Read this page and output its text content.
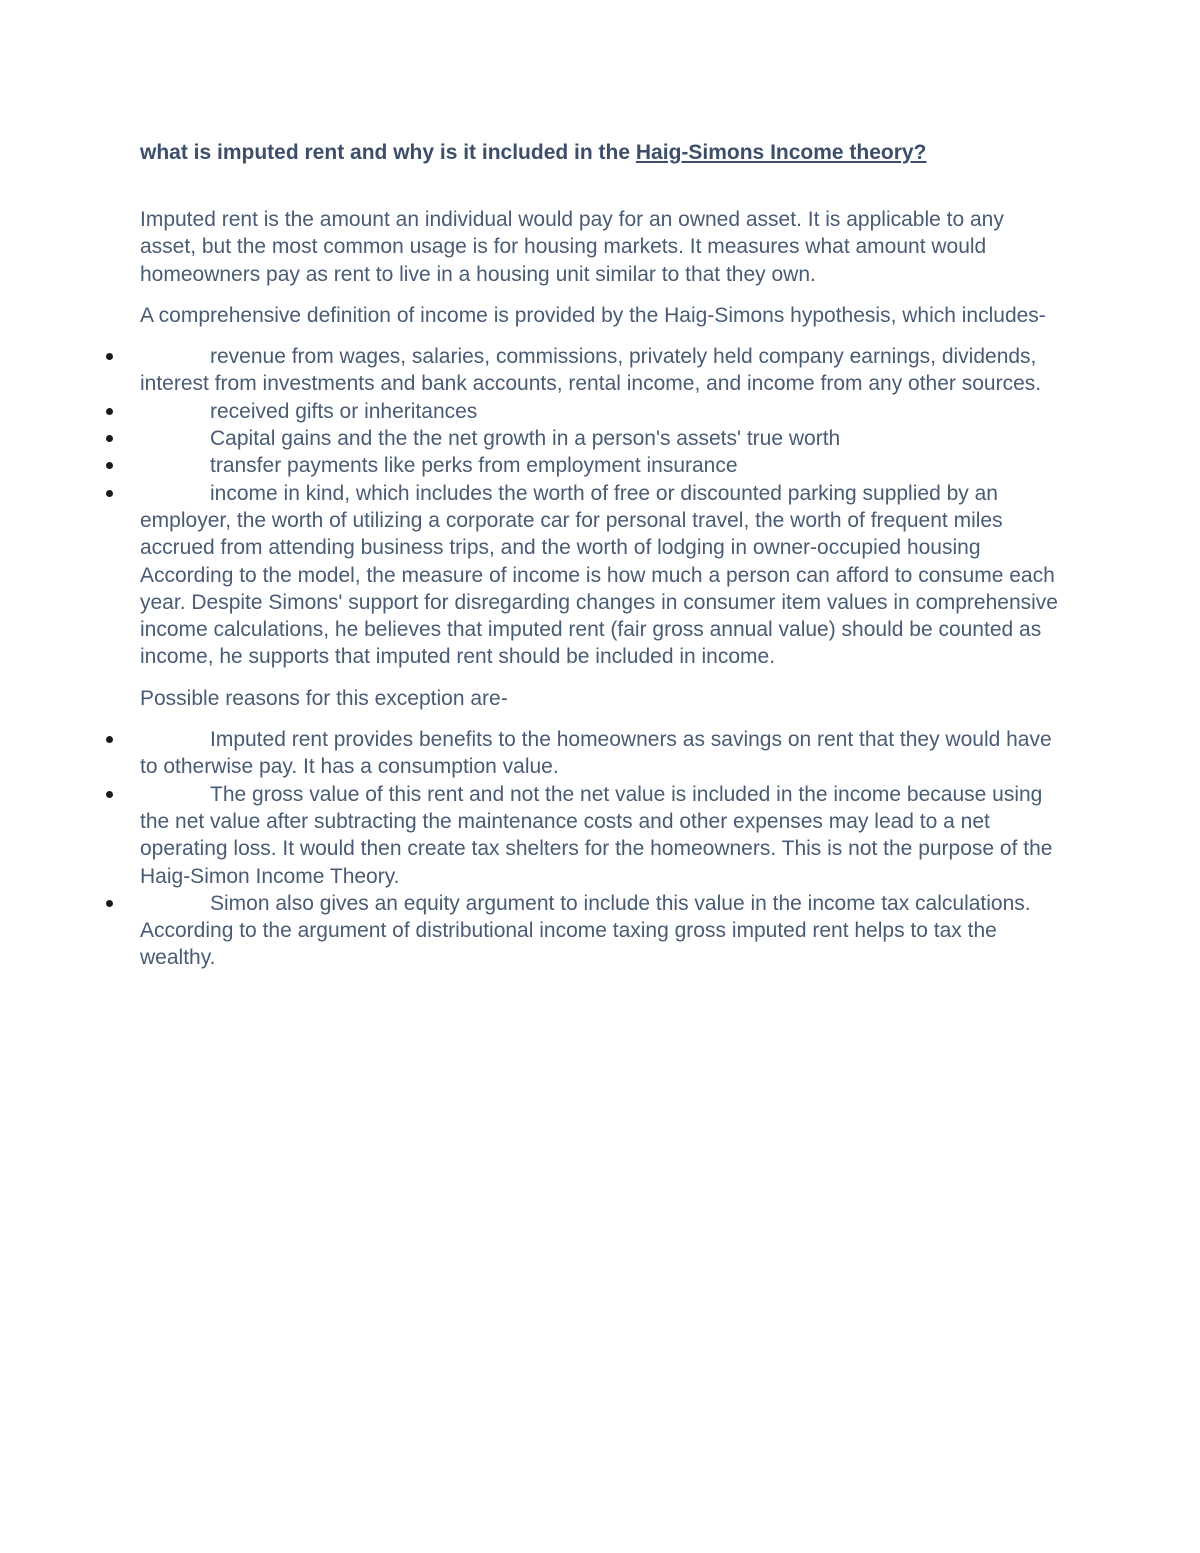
what is imputed rent and why is it included in the Haig-Simons Income theory?

Imputed rent is the amount an individual would pay for an owned asset. It is applicable to any asset, but the most common usage is for housing markets. It measures what amount would homeowners pay as rent to live in a housing unit similar to that they own.

A comprehensive definition of income is provided by the Haig-Simons hypothesis, which includes-

revenue from wages, salaries, commissions, privately held company earnings, dividends, interest from investments and bank accounts, rental income, and income from any other sources.
received gifts or inheritances
Capital gains and the the net growth in a person's assets' true worth
transfer payments like perks from employment insurance
income in kind, which includes the worth of free or discounted parking supplied by an employer, the worth of utilizing a corporate car for personal travel, the worth of frequent miles accrued from attending business trips, and the worth of lodging in owner-occupied housing

According to the model, the measure of income is how much a person can afford to consume each year. Despite Simons' support for disregarding changes in consumer item values in comprehensive income calculations, he believes that imputed rent (fair gross annual value) should be counted as income, he supports that imputed rent should be included in income.

Possible reasons for this exception are-

Imputed rent provides benefits to the homeowners as savings on rent that they would have to otherwise pay. It has a consumption value.
The gross value of this rent and not the net value is included in the income because using the net value after subtracting the maintenance costs and other expenses may lead to a net operating loss. It would then create tax shelters for the homeowners. This is not the purpose of the Haig-Simon Income Theory.
Simon also gives an equity argument to include this value in the income tax calculations. According to the argument of distributional income taxing gross imputed rent helps to tax the wealthy.
